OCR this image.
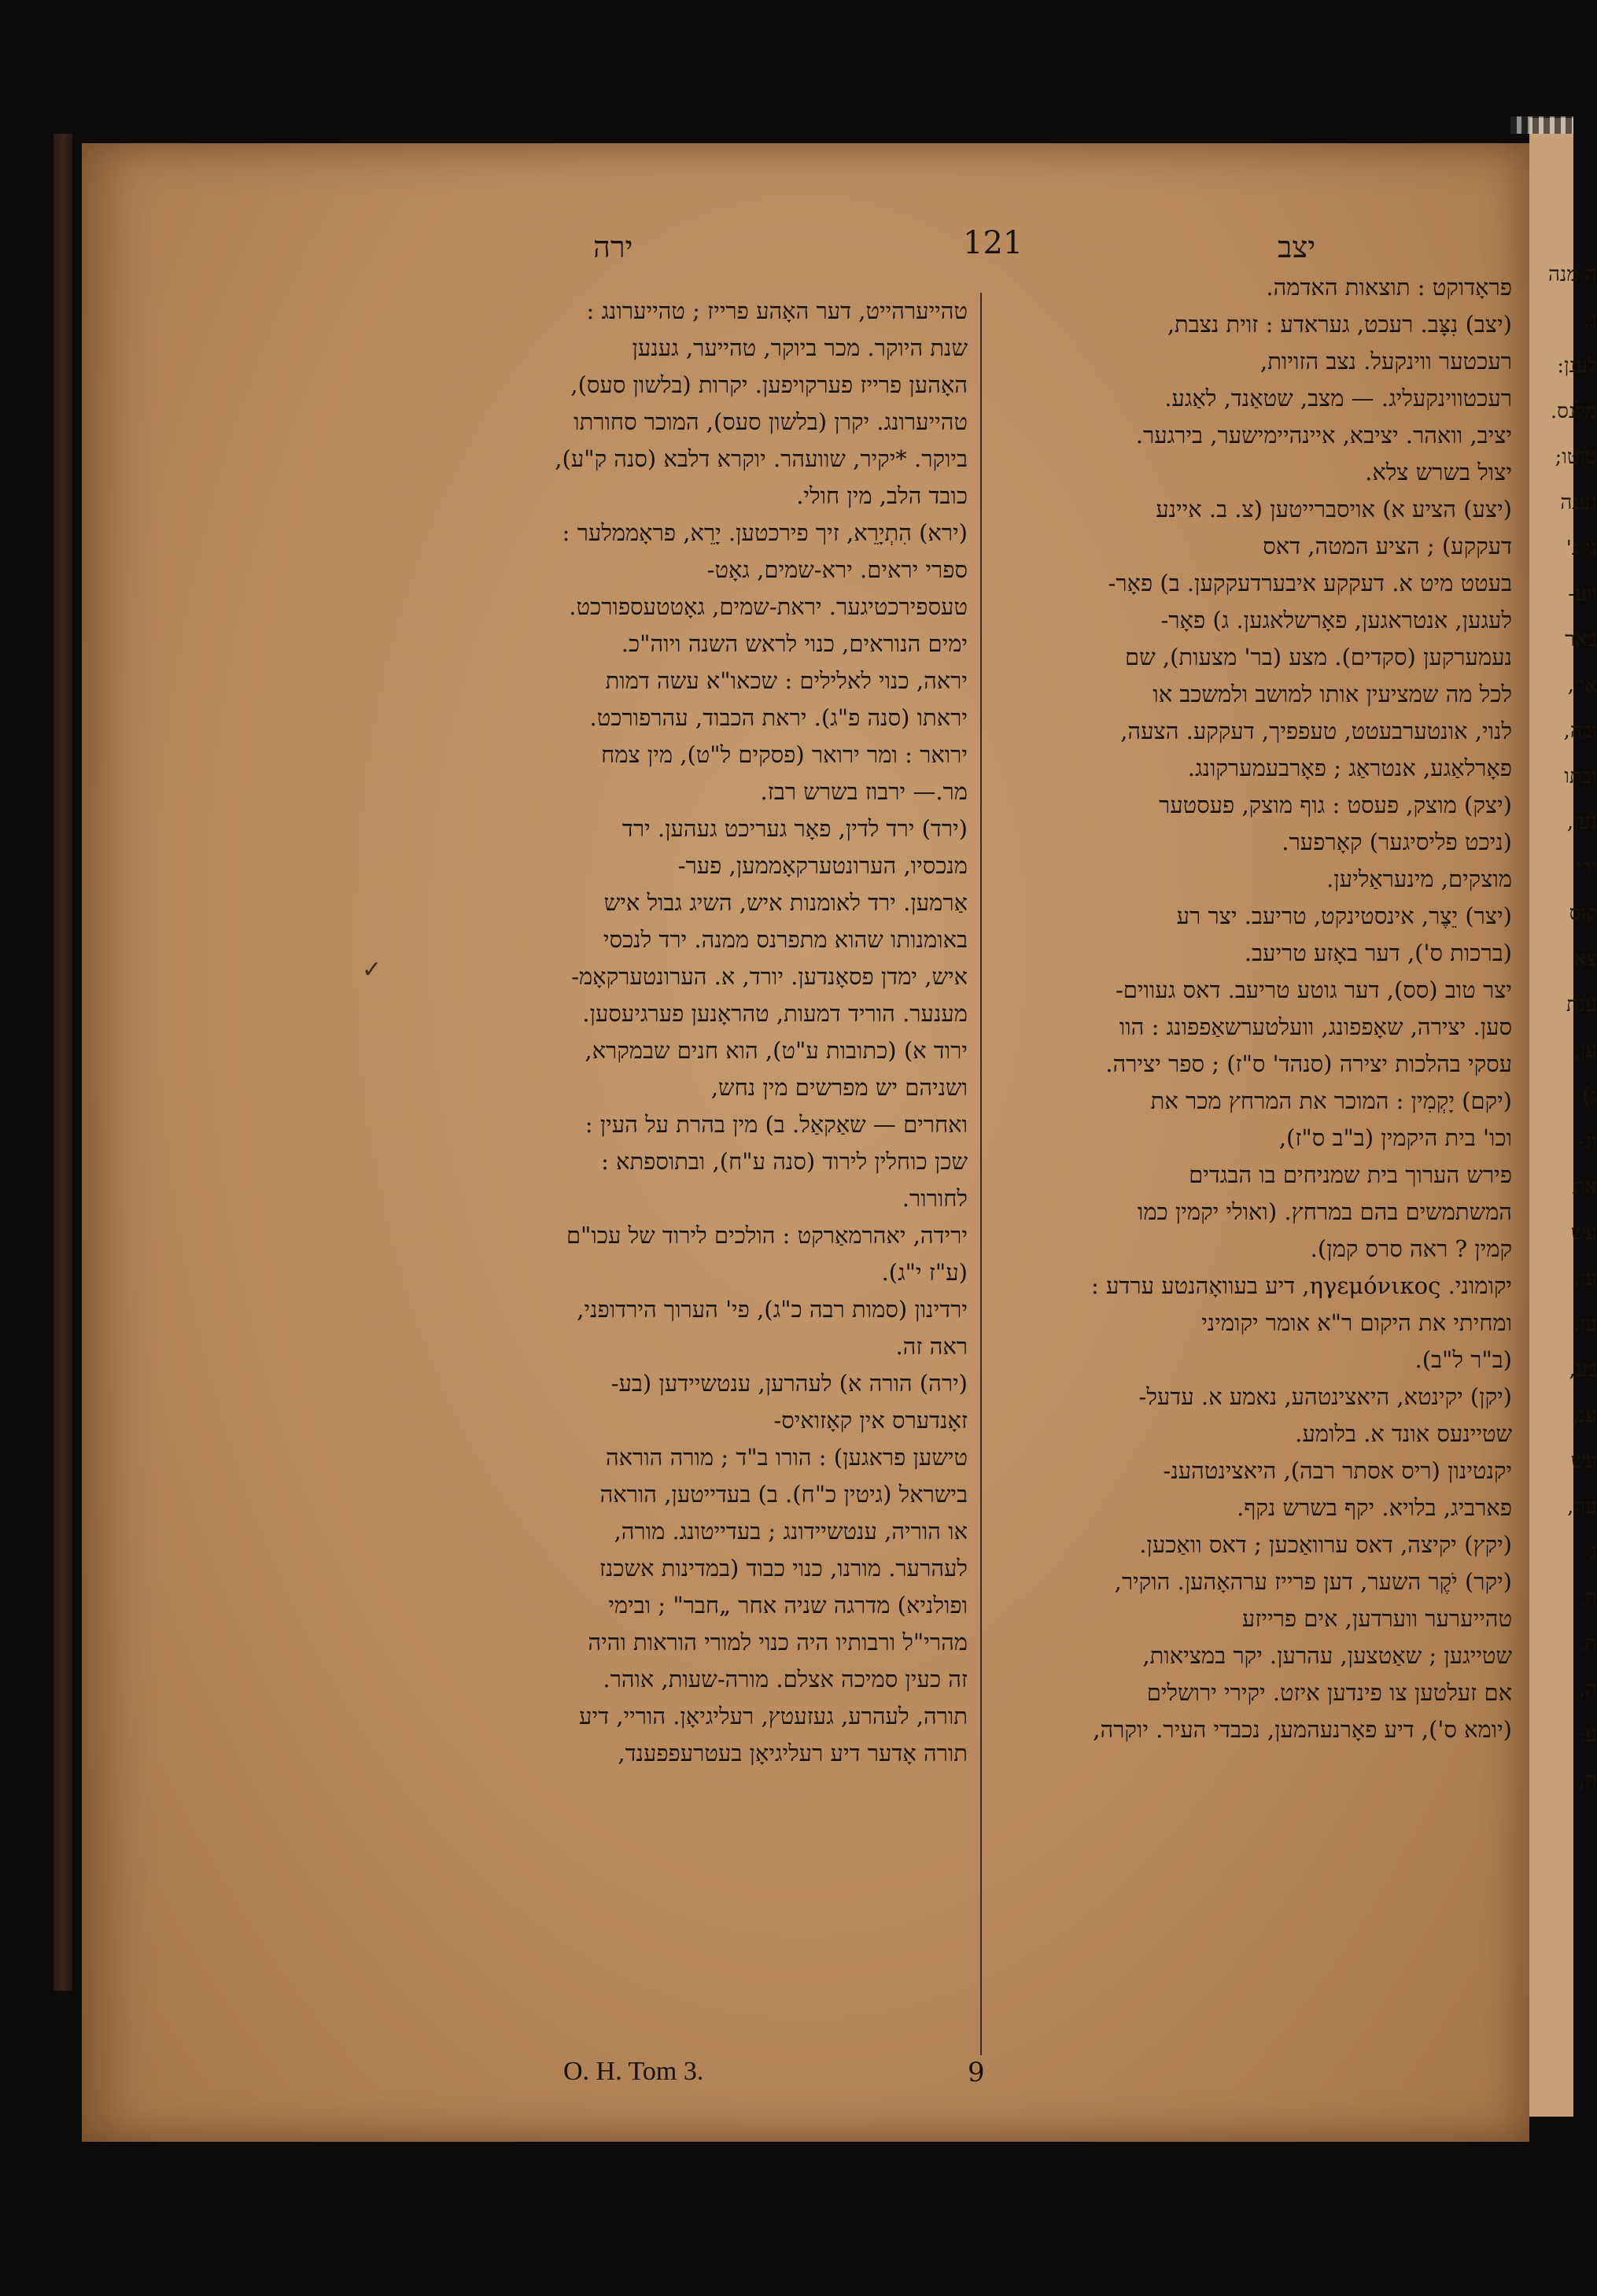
ה מנה
נ.
לענן:
מלנס.
טוטו;
נענה
ני ג'
ווע-
באר
אוי,
ובה,
ובתו
גען,
ידי
קוס
צא
ענת
ען,
ג)
ונ-
את
עש
ען,
ען,
בע,
ענ,
עש
עה,
ג
ה.
ת.
ה,
ע:
ה,
ירה	121	יצב

טהייערהייט, דער האָהע פרייז ; טהייערונג :

שנת היוקר. מכר ביוקר, טהייער, גענען

האָהען פרייז פערקויפען. יקרות (בלשון סעס),

טהייערונג. יקרן (בלשון סעס), המוכר סחורתו

ביוקר. *יקיר, שוועהר. יוקרא דלבא (סנה ק"ע),

כובד הלב, מין חולי.

(ירא) הִתְיָרֵא, זיך פירכטען. יָרֵא, פראָממלער :

ספרי יראים. ירא-שמים, גאָט-

טעספירכטיגער. יראת-שמים, גאָטטעספורכט.

ימים הנוראים, כנוי לראש השנה ויוה"כ.

יראה, כנוי לאלילים : שכאו"א עשה דמות

יראתו (סנה פ"ג). יראת הכבוד, עהרפורכט.

ירואר : ומר ירואר (פסקים ל"ט), מין צמח

מר.— ירבוז בשרש רבז.

(ירד) ירד לדין, פאָר געריכט געהען. ירד

מנכסיו, הערונטערקאָממען, פער-

אַרמען. ירד לאומנות איש, השיג גבול איש

באומנותו שהוא מתפרנס ממנה. ירד לנכסי

איש, ימדן פסאָנדען. יורד, א. הערונטערקאָמ-

מענער. הוריד דמעות, טהראָנען פערגיעסען.

ירוד א) (כתובות ע"ט), הוא חנים שבמקרא,

ושניהם יש מפרשים מין נחש,

ואחרים — שאַקאַל. ב) מין בהרת על העין :

שכן כוחלין לירוד (סנה ע"ח), ובתוספתא :

לחורור.

ירידה, יאהרמאַרקט : הולכים לירוד של עכו"ם

(ע"ז י"ג).

ירדינון (סמות רבה כ"ג), פי' הערוך הירדופני,

ראה זה.

(ירה) הורה א) לעהרען, ענטשיידען (בע-

זאָנדערס אין קאָזואיס-

טישען פראגען) : הורו ב"ד ; מורה הוראה

בישראל (גיטין כ"ח). ב) בעדייטען, הוראה

או הוריה, ענטשיידונג ; בעדייטונג. מורה,

לעהרער. מורנו, כנוי כבוד (במדינות אשכנז

ופולניא) מדרגה שניה אחר „חבר" ; ובימי

מהרי"ל ורבותיו היה כנוי למורי הוראות והיה

זה כעין סמיכה אצלם. מורה-שעות, אוהר.

תורה, לעהרע, געזעטץ, רעליגיאָן. הוריי, דיע

תורה אָדער דיע רעליגיאָן בעטרעפפענד,

פראָדוקט : תוצאות האדמה.

(יצב) נִצָּב. רעכט, געראדע : זוית נצבת,

רעכטער ווינקעל. נצב הזויות,

רעכטווינקעליג. — מצב, שטאַנד, לאַגע.

יציב, וואהר. יציבא, איינהיימישער, בירגער.

יצול בשרש צלא.

(יצע) הציע א) אויסברייטען (צ. ב. איינע

דעקקע) ; הציע המטה, דאס

בעטט מיט א. דעקקע איבערדעקקען. ב) פאָר-

לעגען, אנטראגען, פאָרשלאגען. ג) פאָר-

נעמערקען (סקדים). מצע (בר' מצעות), שם

לכל מה שמציעין אותו למושב ולמשכב או

לנוי, אונטערבעטט, טעפפיך, דעקקע. הצעה,

פאָרלאַגע, אנטראַג ; פאָרבעמערקונג.

(יצק) מוצק, פעסט : גוף מוצק, פעסטער

(ניכט פליסיגער) קאָרפער.

מוצקים, מינעראַליען.

(יצר) יֵצֶר, אינסטינקט, טריעב. יצר רע

(ברכות ס'), דער באָזע טריעב.

יצר טוב (סס), דער גוטע טריעב. דאס געווים-

סען. יצירה, שאָפפונג, וועלטערשאַפפונג : הוו

עסקי בהלכות יצירה (סנהד' ס"ז) ; ספר יצירה.

(יקם) יָקְמִין : המוכר את המרחץ מכר את

וכו' בית היקמין (ב"ב ס"ז),

פירש הערוך בית שמניחים בו הבגדים

המשתמשים בהם במרחץ. (ואולי יקמין כמו

קמין ? ראה סרס קמן).

יקומוני. ηγεμόνικος, דיע בעוואָהנטע ערדע :

ומחיתי את היקום ר"א אומר יקומיני

(ב"ר ל"ב).

(יקן) יקינטא, היאצינטהע, נאמע א. עדעל-

שטיינעס אונד א. בלומע.

יקנטינון (ריס אסתר רבה), היאצינטהענ-

פארביג, בלויא. יקף בשרש נקף.

(יקץ) יקיצה, דאס ערוואַכען ; דאס וואַכען.

(יקר) יֹקֶר השער, דען פרייז ערהאָהען. הוקיר,

טהייערער ווערדען, אים פרייזע

שטייגען ; שאַטצען, עהרען. יקר במציאות,

אם זעלטען צו פינדען איזט. יקירי ירושלים

(יומא ס'), דיע פאָרנעהמען, נכבדי העיר. יוקרה,

✓
O. H. Tom 3.	9
